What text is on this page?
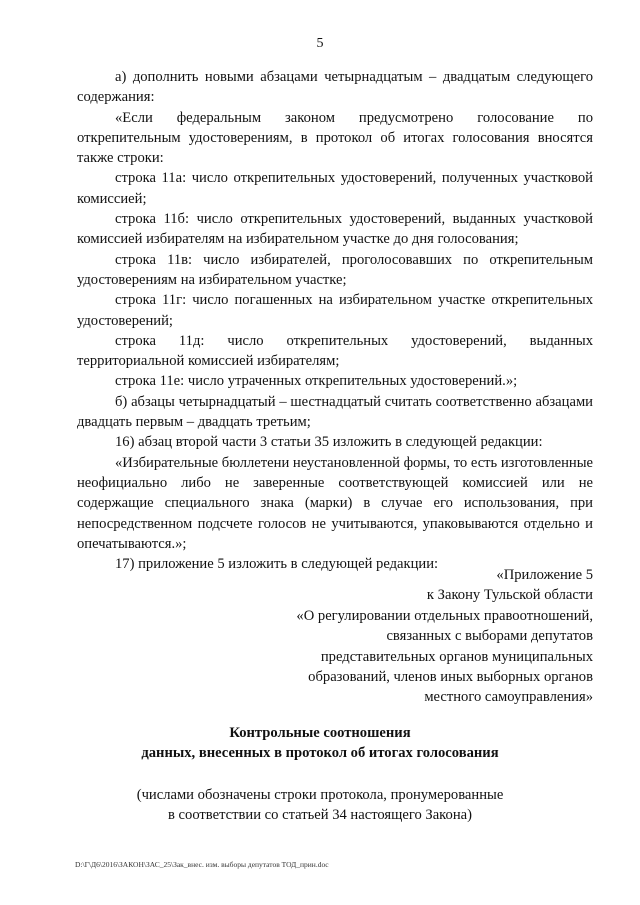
5

а) дополнить новыми абзацами четырнадцатым – двадцатым следующего содержания:

«Если федеральным законом предусмотрено голосование по открепительным удостоверениям, в протокол об итогах голосования вносятся также строки:

строка 11а: число открепительных удостоверений, полученных участковой комиссией;

строка 11б: число открепительных удостоверений, выданных участковой комиссией избирателям на избирательном участке до дня голосования;

строка 11в: число избирателей, проголосовавших по открепительным удостоверениям на избирательном участке;

строка 11г: число погашенных на избирательном участке открепительных удостоверений;

строка 11д: число открепительных удостоверений, выданных территориальной комиссией избирателям;

строка 11е: число утраченных открепительных удостоверений.»;

б) абзацы четырнадцатый – шестнадцатый считать соответственно абзацами двадцать первым – двадцать третьим;

16) абзац второй части 3 статьи 35 изложить в следующей редакции:

«Избирательные бюллетени неустановленной формы, то есть изготовленные неофициально либо не заверенные соответствующей комиссией или не содержащие специального знака (марки) в случае его использования, при непосредственном подсчете голосов не учитываются, упаковываются отдельно и опечатываются.»;

17) приложение 5 изложить в следующей редакции:

«Приложение 5
к Закону Тульской области
«О регулировании отдельных правоотношений,
связанных с выборами депутатов
представительных органов муниципальных
образований, членов иных выборных органов
местного самоуправления»
Контрольные соотношения
данных, внесенных в протокол об итогах голосования
(числами обозначены строки протокола, пронумерованные
в соответствии со статьей 34 настоящего Закона)
D:\Г\Д6\2016\ЗАКОН\ЗАС_25\Зак_внес. изм. выборы депутатов ТОД_прин.doc
